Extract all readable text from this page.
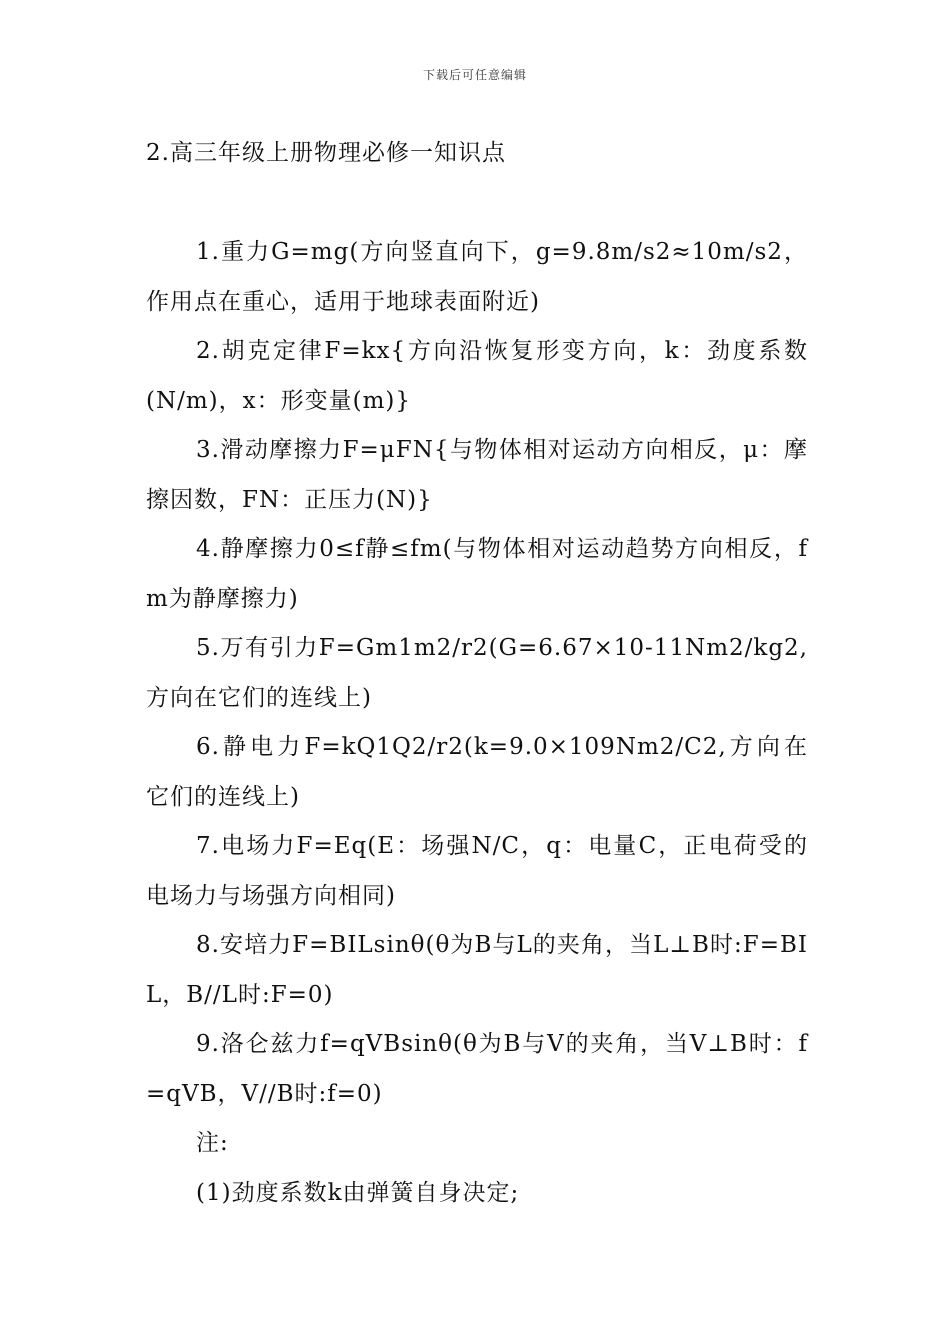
下载后可任意编辑
2.高三年级上册物理必修一知识点

1.重力G=mg(方向竖直向下，g=9.8m/s2≈10m/s2，作用点在重心，适用于地球表面附近)

2.胡克定律F=kx{方向沿恢复形变方向，k：劲度系数(N/m)，x：形变量(m)}

3.滑动摩擦力F=μFN{与物体相对运动方向相反，μ：摩擦因数，FN：正压力(N)}

4.静摩擦力0≤f静≤fm(与物体相对运动趋势方向相反，fm为静摩擦力)

5.万有引力F=Gm1m2/r2(G=6.67×10-11Nm2/kg2,方向在它们的连线上)

6.静电力F=kQ1Q2/r2(k=9.0×109Nm2/C2,方向在它们的连线上)

7.电场力F=Eq(E：场强N/C，q：电量C，正电荷受的电场力与场强方向相同)

8.安培力F=BILsinθ(θ为B与L的夹角，当L⊥B时:F=BIL，B//L时:F=0)

9.洛仑兹力f=qVBsinθ(θ为B与V的夹角，当V⊥B时：f=qVB，V//B时:f=0)

注:

(1)劲度系数k由弹簧自身决定;
